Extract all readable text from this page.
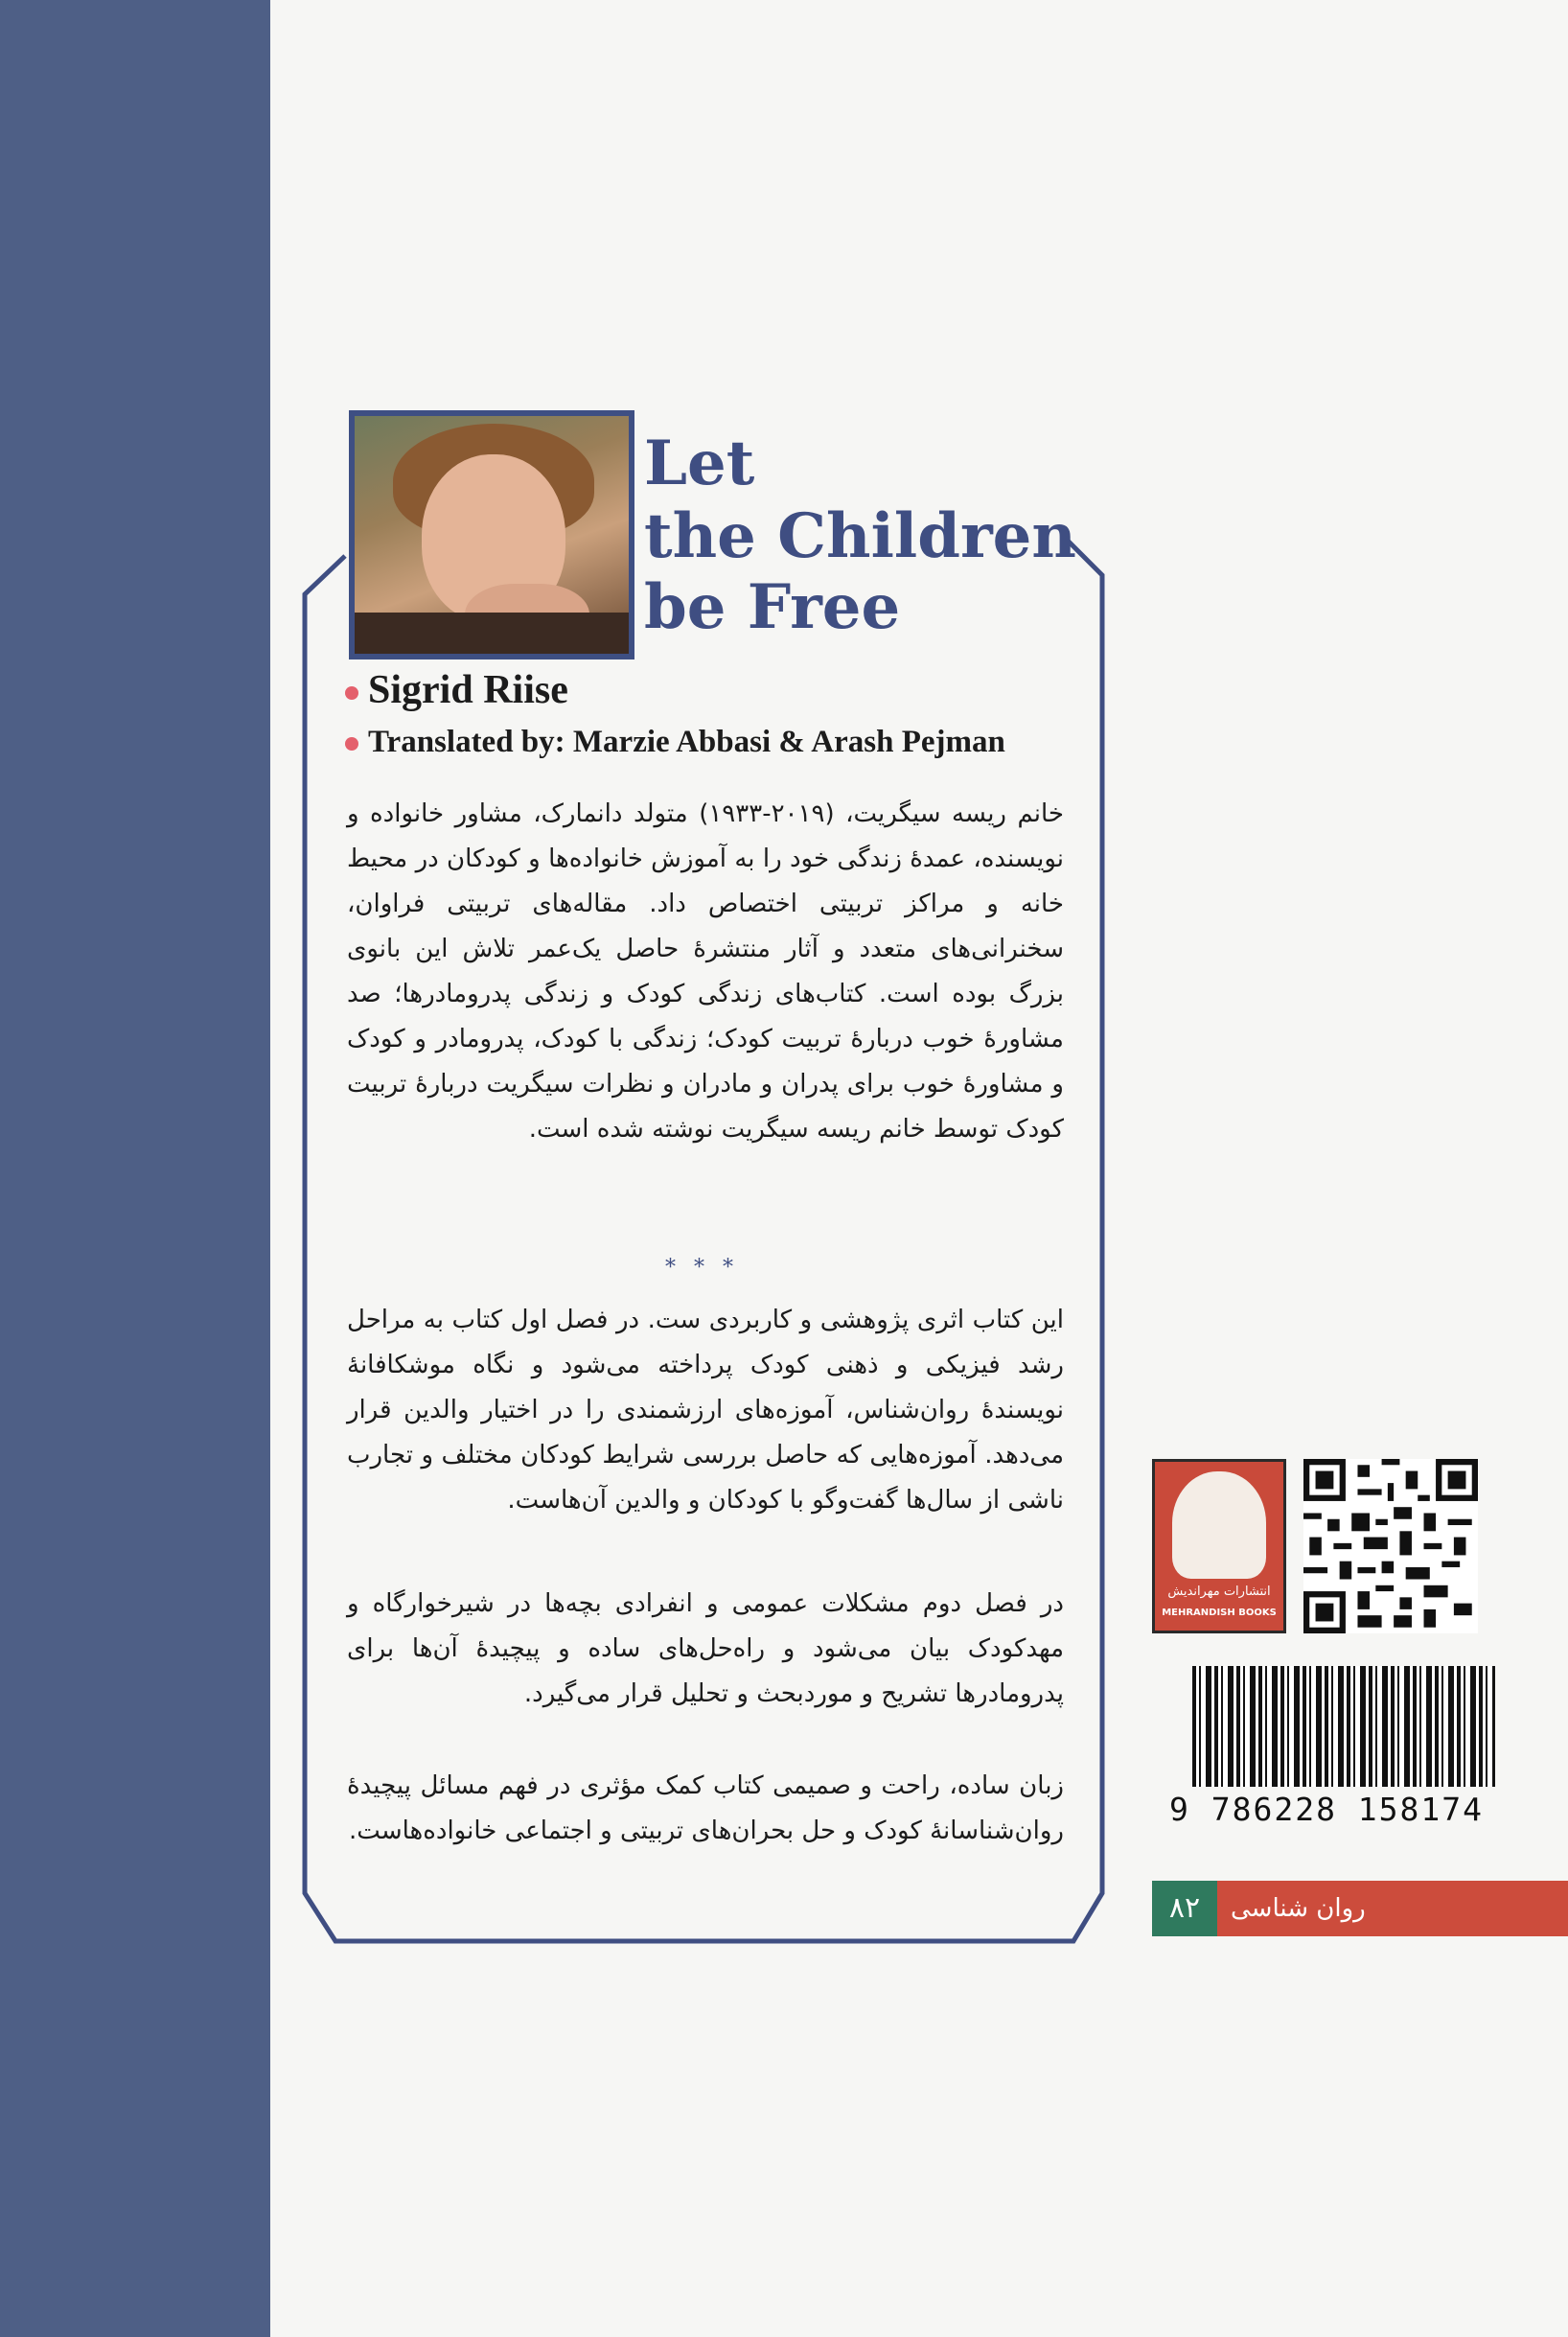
Let
the Children
be Free
Sigrid Riise
Translated by: Marzie Abbasi & Arash Pejman
خانم ریسه سیگریت، (۲۰۱۹-۱۹۳۳) متولد دانمارک، مشاور خانواده و نویسنده، عمدهٔ زندگی خود را به آموزش خانواده‌ها و کودکان در محیط خانه و مراکز تربیتی اختصاص داد. مقاله‌های تربیتی فراوان، سخنرانی‌های متعدد و آثار منتشرهٔ حاصل یک‌عمر تلاش این بانوی بزرگ بوده است. کتاب‌های زندگی کودک و زندگی پدرومادرها؛ صد مشاورهٔ خوب دربارهٔ تربیت کودک؛ زندگی با کودک، پدرومادر و کودک و مشاورهٔ خوب برای پدران و مادران و نظرات سیگریت دربارهٔ تربیت کودک توسط خانم ریسه سیگریت نوشته شده است.
* * *
این کتاب اثری پژوهشی و کاربردی ست. در فصل اول کتاب به مراحل رشد فیزیکی و ذهنی کودک پرداخته می‌شود و نگاه موشکافانهٔ نویسندهٔ روان‌شناس، آموزه‌های ارزشمندی را در اختیار والدین قرار می‌دهد. آموزه‌هایی که حاصل بررسی شرایط کودکان مختلف و تجارب ناشی از سال‌ها گفت‌وگو با کودکان و والدین آن‌هاست.
در فصل دوم مشکلات عمومی و انفرادی بچه‌ها در شیرخوارگاه و مهدکودک بیان می‌شود و راه‌حل‌های ساده و پیچیدهٔ آن‌ها برای پدرومادرها تشریح و موردبحث و تحلیل قرار می‌گیرد.
زبان ساده، راحت و صمیمی کتاب کمک مؤثری در فهم مسائل پیچیدهٔ روان‌شناسانهٔ کودک و حل بحران‌های تربیتی و اجتماعی خانواده‌هاست.
انتشارات مهراندیش
MEHRANDISH BOOKS
9 786228 158174
۸۲	روان شناسی
